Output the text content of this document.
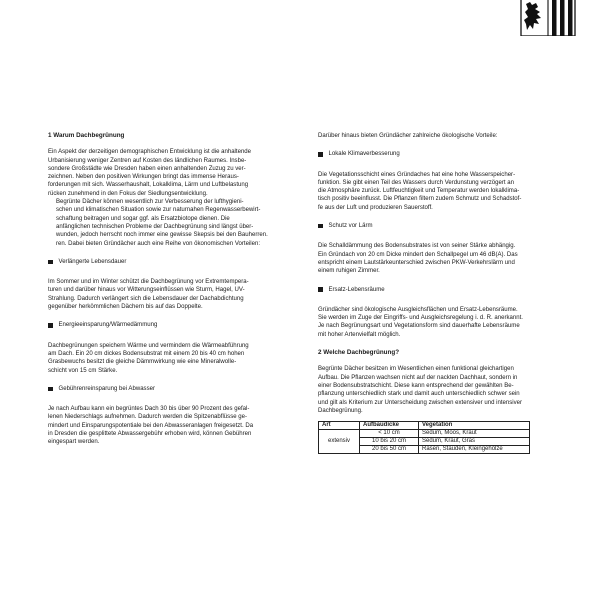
1 Warum Dachbegrünung

Ein Aspekt der derzeitigen demographischen Entwicklung ist die anhaltende
Urbanisierung weniger Zentren auf Kosten des ländlichen Raumes. Insbe-
sondere Großstädte wie Dresden haben einen anhaltenden Zuzug zu ver-
zeichnen. Neben den positiven Wirkungen bringt das immense Heraus-
forderungen mit sich. Wasserhaushalt, Lokalklima, Lärm und Luftbelastung
rücken zunehmend in den Fokus der Siedlungsentwicklung.

Begrünte Dächer können wesentlich zur Verbesserung der lufthygieni-
schen und klimatischen Situation sowie zur naturnahen Regenwasserbewirt-
schaftung beitragen und sogar ggf. als Ersatzbiotope dienen. Die
anfänglichen technischen Probleme der Dachbegrünung sind längst über-
wunden, jedoch herrscht noch immer eine gewisse Skepsis bei den Bauherren.
ren. Dabei bieten Gründächer auch eine Reihe von ökonomischen Vorteilen:

Verlängerte Lebensdauer

Im Sommer und im Winter schützt die Dachbegrünung vor Extremtempera-
turen und darüber hinaus vor Witterungseinflüssen wie Sturm, Hagel, UV-
Strahlung. Dadurch verlängert sich die Lebensdauer der Dachabdichtung
gegenüber herkömmlichen Dächern bis auf das Doppelte.

Energieeinsparung/Wärmedämmung

Dachbegrünungen speichern Wärme und vermindern die Wärmeabführung
am Dach. Ein 20 cm dickes Bodensubstrat mit einem 20 bis 40 cm hohen
Grasbewuchs besitzt die gleiche Dämmwirkung wie eine Mineralwolle-
schicht von 15 cm Stärke.

Gebührenreinsparung bei Abwasser

Je nach Aufbau kann ein begrüntes Dach 30 bis über 90 Prozent des gefal-
lenen Niederschlags aufnehmen. Dadurch werden die Spitzenabflüsse ge-
mindert und Einsparungspotentiale bei den Abwasseranlagen freigesetzt. Da
in Dresden die gesplittete Abwassergebühr erhoben wird, können Gebühren
eingespart werden.

Darüber hinaus bieten Gründächer zahlreiche ökologische Vorteile:

Lokale Klimaverbesserung

Die Vegetationsschicht eines Gründaches hat eine hohe Wasserspeicher-
funktion. Sie gibt einen Teil des Wassers durch Verdunstung verzögert an
die Atmosphäre zurück. Luftfeuchtigkeit und Temperatur werden lokalklima-
tisch positiv beeinflusst. Die Pflanzen filtern zudem Schmutz und Schadstof-
fe aus der Luft und produzieren Sauerstoff.

Schutz vor Lärm

Die Schalldämmung des Bodensubstrates ist von seiner Stärke abhängig.
Ein Gründach von 20 cm Dicke mindert den Schallpegel um 46 dB(A). Das
entspricht einem Lautstärkeunterschied zwischen PKW-Verkehrslärm und
einem ruhigen Zimmer.

Ersatz-Lebensräume

Gründächer sind ökologische Ausgleichsflächen und Ersatz-Lebensräume.
Sie werden im Zuge der Eingriffs- und Ausgleichsregelung i. d. R. anerkannt.
Je nach Begrünungsart und Vegetationsform sind dauerhafte Lebensräume
mit hoher Artenvielfalt möglich.

2 Welche Dachbegrünung?

Begrünte Dächer besitzen im Wesentlichen einen funktional gleichartigen
Aufbau. Die Pflanzen wachsen nicht auf der nackten Dachhaut, sondern in
einer Bodensubstratschicht. Diese kann entsprechend der gewählten Be-
pflanzung unterschiedlich stark und damit auch unterschiedlich schwer sein
und gilt als Kriterium zur Unterscheidung zwischen extensiver und intensiver
Dachbegrünung.

Art	Aufbaudicke	Vegetation
extensiv	< 10 cm	Sedum, Moos, Kraut
	10 bis 20 cm	Sedum, Kraut, Gras
	20 bis 50 cm	Rasen, Stauden, Kleingehölze
